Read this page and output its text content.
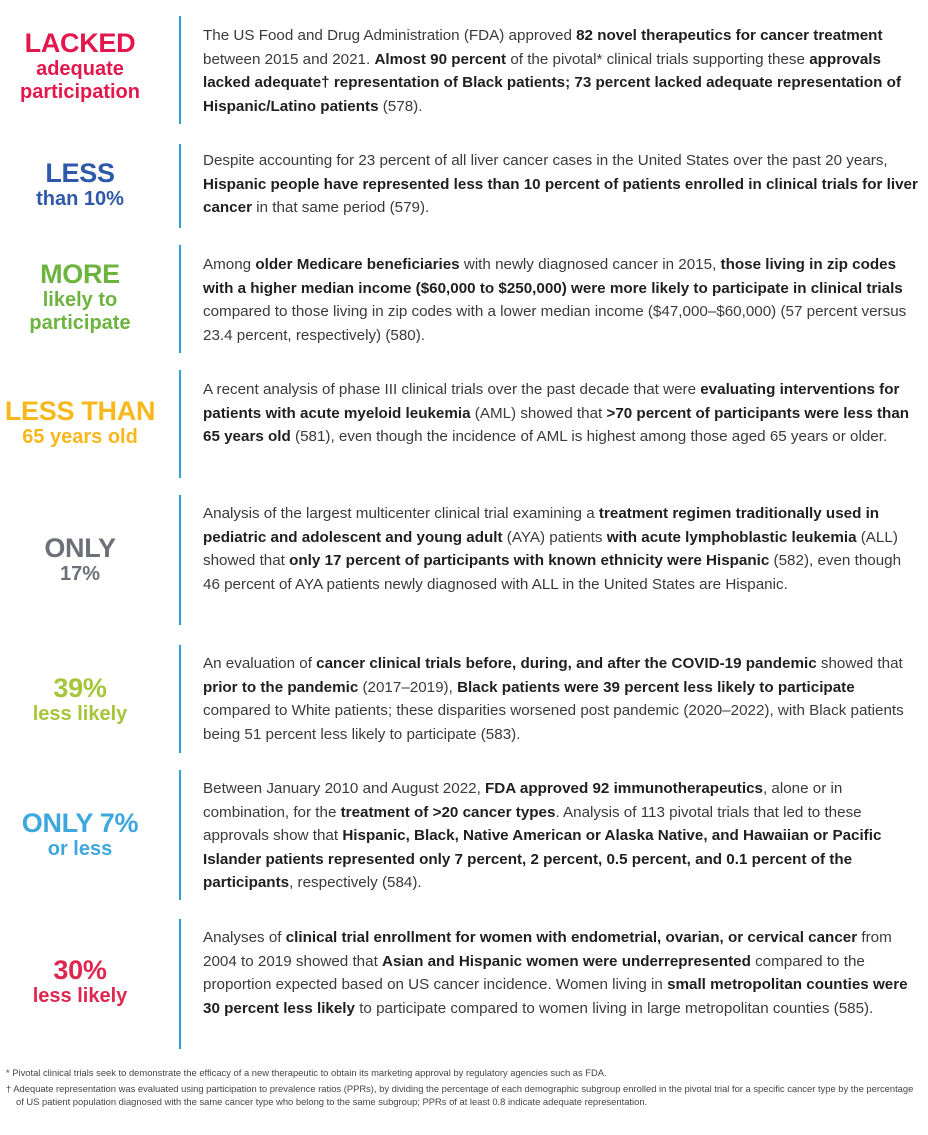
LACKED
adequate participation
The US Food and Drug Administration (FDA) approved 82 novel therapeutics for cancer treatment between 2015 and 2021. Almost 90 percent of the pivotal* clinical trials supporting these approvals lacked adequate† representation of Black patients; 73 percent lacked adequate representation of Hispanic/Latino patients (578).
LESS
than 10%
Despite accounting for 23 percent of all liver cancer cases in the United States over the past 20 years, Hispanic people have represented less than 10 percent of patients enrolled in clinical trials for liver cancer in that same period (579).
MORE
likely to participate
Among older Medicare beneficiaries with newly diagnosed cancer in 2015, those living in zip codes with a higher median income ($60,000 to $250,000) were more likely to participate in clinical trials compared to those living in zip codes with a lower median income ($47,000–$60,000) (57 percent versus 23.4 percent, respectively) (580).
LESS THAN
65 years old
A recent analysis of phase III clinical trials over the past decade that were evaluating interventions for patients with acute myeloid leukemia (AML) showed that >70 percent of participants were less than 65 years old (581), even though the incidence of AML is highest among those aged 65 years or older.
ONLY
17%
Analysis of the largest multicenter clinical trial examining a treatment regimen traditionally used in pediatric and adolescent and young adult (AYA) patients with acute lymphoblastic leukemia (ALL) showed that only 17 percent of participants with known ethnicity were Hispanic (582), even though 46 percent of AYA patients newly diagnosed with ALL in the United States are Hispanic.
39%
less likely
An evaluation of cancer clinical trials before, during, and after the COVID-19 pandemic showed that prior to the pandemic (2017–2019), Black patients were 39 percent less likely to participate compared to White patients; these disparities worsened post pandemic (2020–2022), with Black patients being 51 percent less likely to participate (583).
ONLY 7%
or less
Between January 2010 and August 2022, FDA approved 92 immunotherapeutics, alone or in combination, for the treatment of >20 cancer types. Analysis of 113 pivotal trials that led to these approvals show that Hispanic, Black, Native American or Alaska Native, and Hawaiian or Pacific Islander patients represented only 7 percent, 2 percent, 0.5 percent, and 0.1 percent of the participants, respectively (584).
30%
less likely
Analyses of clinical trial enrollment for women with endometrial, ovarian, or cervical cancer from 2004 to 2019 showed that Asian and Hispanic women were underrepresented compared to the proportion expected based on US cancer incidence. Women living in small metropolitan counties were 30 percent less likely to participate compared to women living in large metropolitan counties (585).

* Pivotal clinical trials seek to demonstrate the efficacy of a new therapeutic to obtain its marketing approval by regulatory agencies such as FDA.

† Adequate representation was evaluated using participation to prevalence ratios (PPRs), by dividing the percentage of each demographic subgroup enrolled in the pivotal trial for a specific cancer type by the percentage of US patient population diagnosed with the same cancer type who belong to the same subgroup; PPRs of at least 0.8 indicate adequate representation.
